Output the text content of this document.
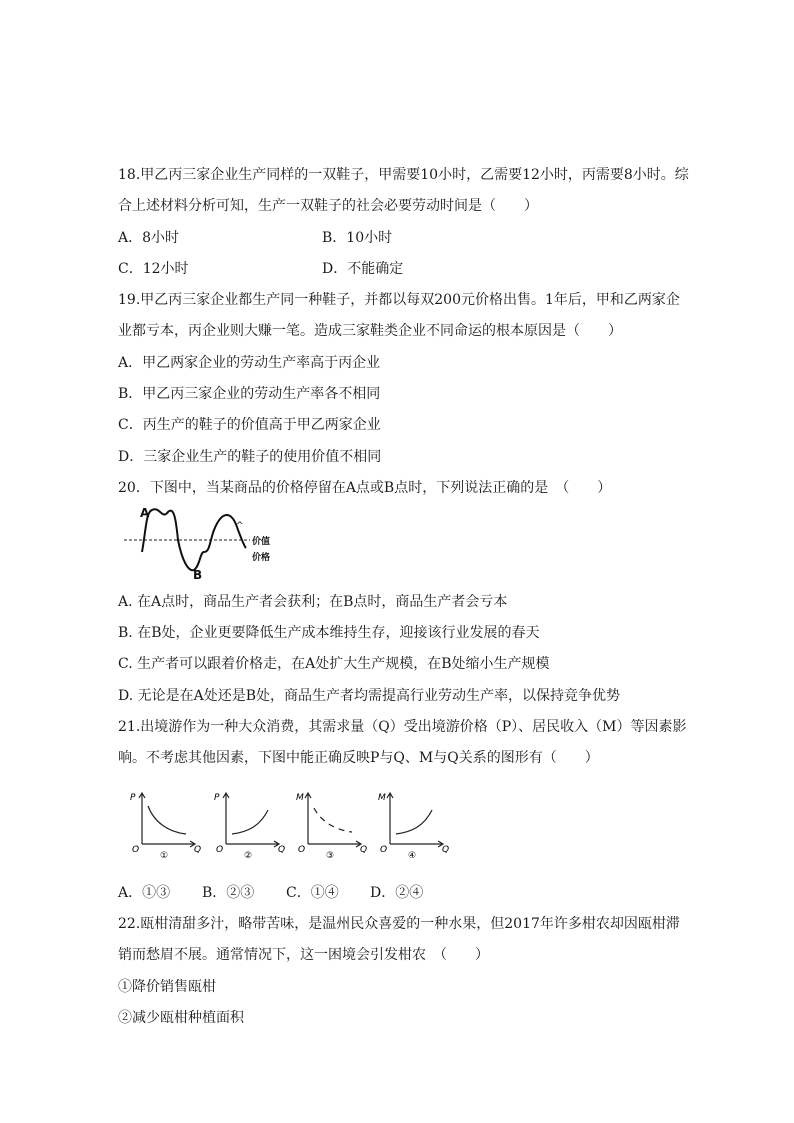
18.甲乙丙三家企业生产同样的一双鞋子，甲需要10小时，乙需要12小时，丙需要8小时。综
合上述材料分析可知，生产一双鞋子的社会必要劳动时间是（　　）
A．8小时	B．10小时
C．12小时	D．不能确定
19.甲乙丙三家企业都生产同一种鞋子，并都以每双200元价格出售。1年后，甲和乙两家企
业都亏本，丙企业则大赚一笔。造成三家鞋类企业不同命运的根本原因是（　　）
A．甲乙两家企业的劳动生产率高于丙企业
B．甲乙丙三家企业的劳动生产率各不相同
C．丙生产的鞋子的价值高于甲乙两家企业
D．三家企业生产的鞋子的使用价值不相同
20．下图中，当某商品的价格停留在A点或B点时，下列说法正确的是　（　　）
A
B
^
价值
价格
A. 在A点时，商品生产者会获利；在B点时，商品生产者会亏本
B. 在B处，企业更要降低生产成本维持生存，迎接该行业发展的春天
C. 生产者可以跟着价格走，在A处扩大生产规模，在B处缩小生产规模
D. 无论是在A处还是B处，商品生产者均需提高行业劳动生产率，以保持竞争优势
21.出境游作为一种大众消费，其需求量（Q）受出境游价格（P）、居民收入（M）等因素影
响。不考虑其他因素，下图中能正确反映P与Q、M与Q关系的图形有（　　）
P
O	Q
①
P
O	Q
②
M
O	Q
③
M
O	Q
④
A．①③ B．②③ C．①④ D．②④
22.瓯柑清甜多汁，略带苦味，是温州民众喜爱的一种水果，但2017年许多柑农却因瓯柑滞
销而愁眉不展。通常情况下，这一困境会引发柑农　（　　）
①降价销售瓯柑
②减少瓯柑种植面积
